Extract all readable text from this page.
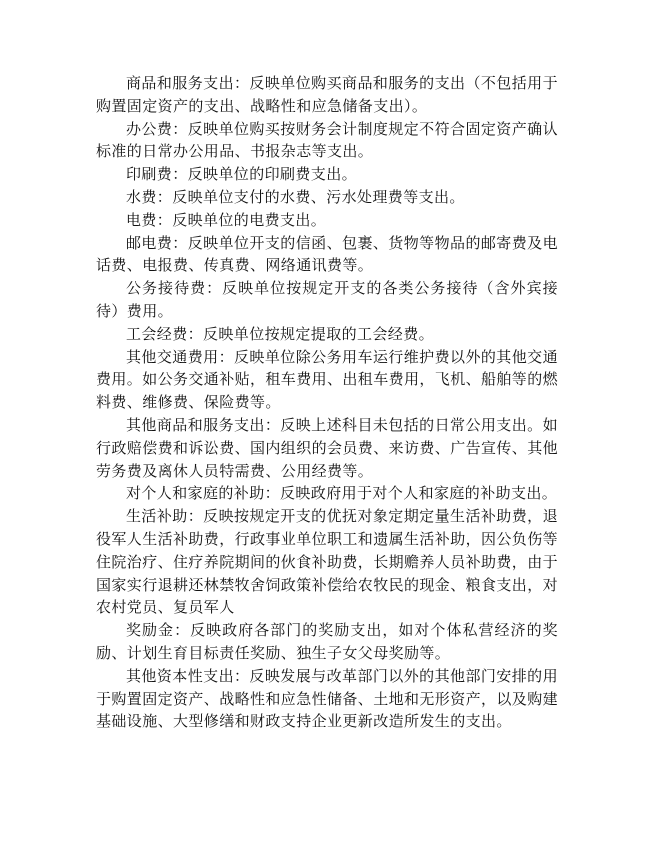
商品和服务支出：反映单位购买商品和服务的支出（不包括用于购置固定资产的支出、战略性和应急储备支出）。

办公费：反映单位购买按财务会计制度规定不符合固定资产确认标准的日常办公用品、书报杂志等支出。

印刷费：反映单位的印刷费支出。

水费：反映单位支付的水费、污水处理费等支出。

电费：反映单位的电费支出。

邮电费：反映单位开支的信函、包裹、货物等物品的邮寄费及电话费、电报费、传真费、网络通讯费等。

公务接待费：反映单位按规定开支的各类公务接待（含外宾接待）费用。

工会经费：反映单位按规定提取的工会经费。

其他交通费用：反映单位除公务用车运行维护费以外的其他交通费用。如公务交通补贴，租车费用、出租车费用，飞机、船舶等的燃料费、维修费、保险费等。

其他商品和服务支出：反映上述科目未包括的日常公用支出。如行政赔偿费和诉讼费、国内组织的会员费、来访费、广告宣传、其他劳务费及离休人员特需费、公用经费等。

对个人和家庭的补助：反映政府用于对个人和家庭的补助支出。

生活补助：反映按规定开支的优抚对象定期定量生活补助费，退役军人生活补助费，行政事业单位职工和遗属生活补助，因公负伤等住院治疗、住疗养院期间的伙食补助费，长期赡养人员补助费，由于国家实行退耕还林禁牧舍饲政策补偿给农牧民的现金、粮食支出，对农村党员、复员军人

奖励金：反映政府各部门的奖励支出，如对个体私营经济的奖励、计划生育目标责任奖励、独生子女父母奖励等。

其他资本性支出：反映发展与改革部门以外的其他部门安排的用于购置固定资产、战略性和应急性储备、土地和无形资产，以及购建基础设施、大型修缮和财政支持企业更新改造所发生的支出。
